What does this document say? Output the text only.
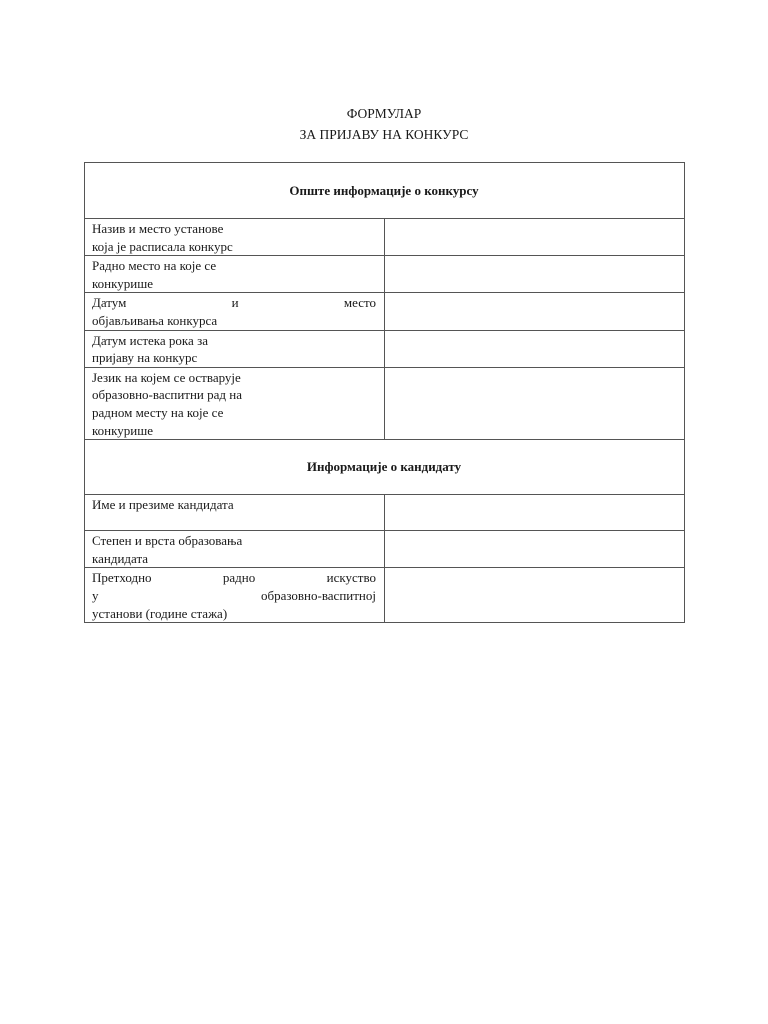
ФОРМУЛАР
ЗА ПРИЈАВУ НА КОНКУРС
Опште информације о конкурсу	

Назив и место установе
која је расписала конкурс	

Радно место на које се
конкурише	

Датум и место
објављивања конкурса	

Датум истека рока за
пријаву на конкурс	

Језик на којем се остварује
образовно-васпитни рад на
радном месту на које се
конкурише	

Информације о кандидату	

Име и презиме кандидата	

Степен и врста образовања
кандидата	

Претходно радно искуство
у образовно-васпитној
установи (године стажа)	
